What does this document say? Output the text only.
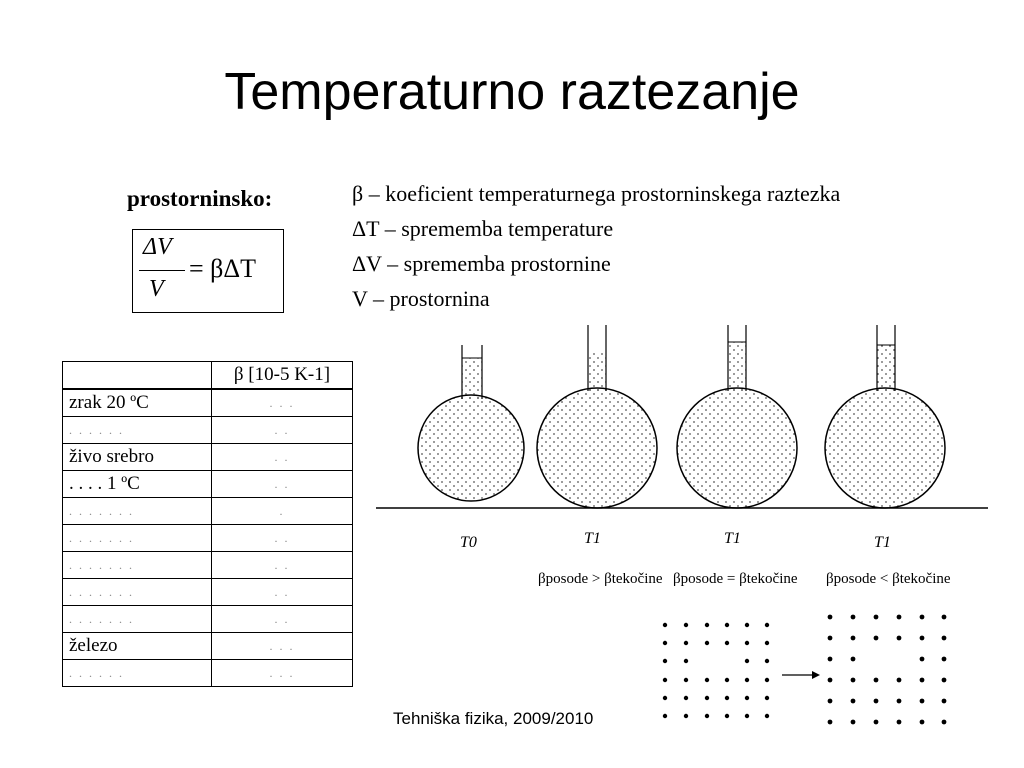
Temperaturno raztezanje
prostorninsko:
ΔV
V
= βΔT
β – koeficient temperaturnega prostorninskega raztezka
ΔT – sprememba temperature
ΔV – sprememba prostornine
V – prostornina
	β [10-5 K-1]
zrak 20 ºC	. . .
. . . . . .	. .
živo srebro	. .
. . . . 1 ºC	. .
. . . . . . .	.
. . . . . . .	. .
. . . . . . .	. .
. . . . . . .	. .
. . . . . . .	. .
železo	. . .
. . . . . .	. . .
T0	T1	T1	T1
βposode > βtekočine βposode = βtekočine βposode < βtekočine
Tehniška fizika, 2009/2010
